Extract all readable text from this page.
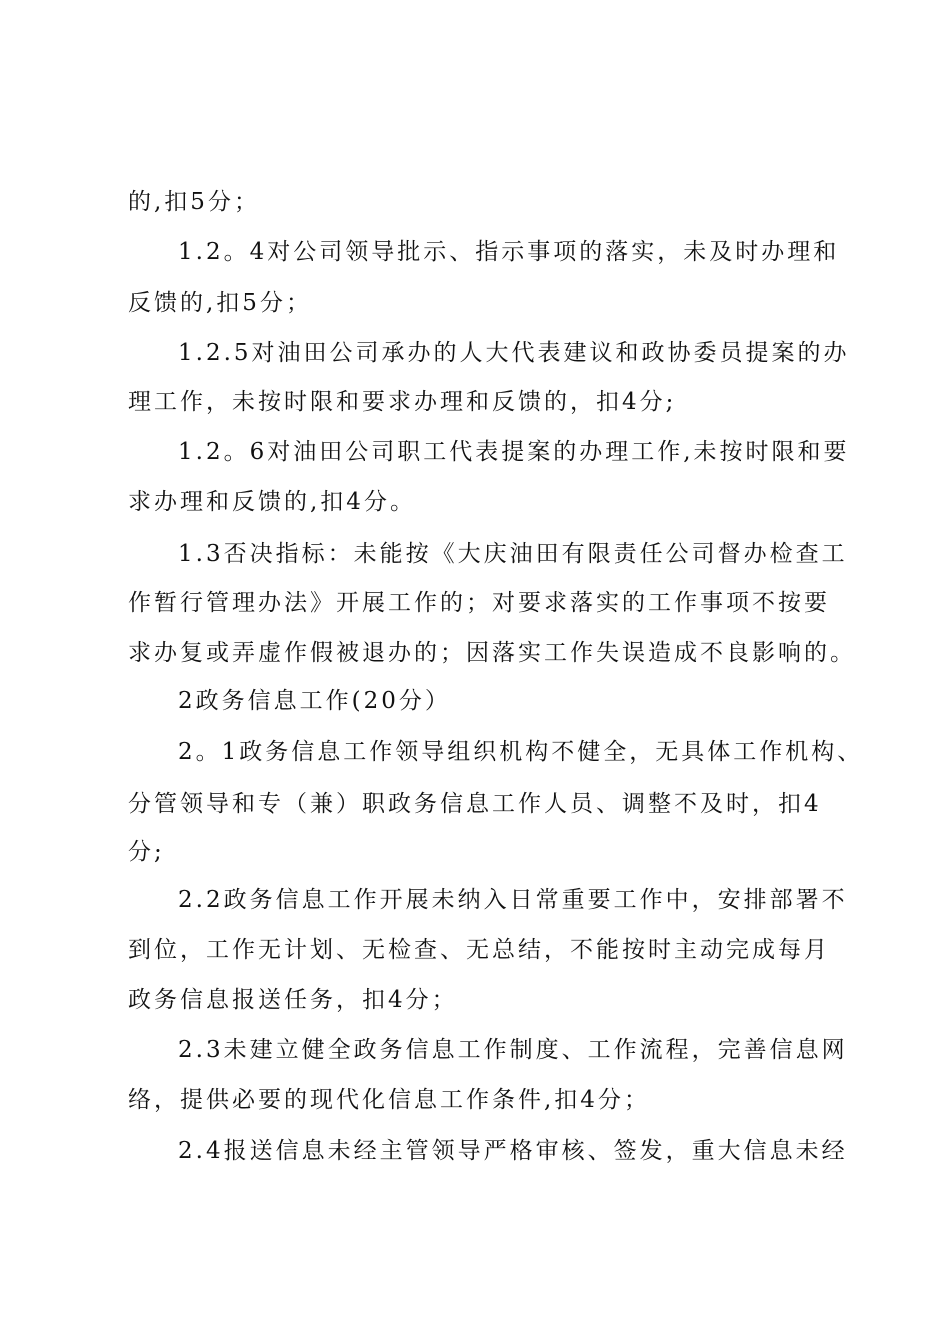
的,扣5分；
1.2。4对公司领导批示、指示事项的落实，未及时办理和
反馈的,扣5分；
1.2.5对油田公司承办的人大代表建议和政协委员提案的办
理工作，未按时限和要求办理和反馈的，扣4分;
1.2。6对油田公司职工代表提案的办理工作,未按时限和要
求办理和反馈的,扣4分。
1.3否决指标：未能按《大庆油田有限责任公司督办检查工
作暂行管理办法》开展工作的；对要求落实的工作事项不按要
求办复或弄虚作假被退办的；因落实工作失误造成不良影响的。
2政务信息工作(20分）
2。1政务信息工作领导组织机构不健全，无具体工作机构、
分管领导和专（兼）职政务信息工作人员、调整不及时，扣4
分;
2.2政务信息工作开展未纳入日常重要工作中，安排部署不
到位，工作无计划、无检查、无总结，不能按时主动完成每月
政务信息报送任务，扣4分；
2.3未建立健全政务信息工作制度、工作流程，完善信息网
络，提供必要的现代化信息工作条件,扣4分；
2.4报送信息未经主管领导严格审核、签发，重大信息未经
